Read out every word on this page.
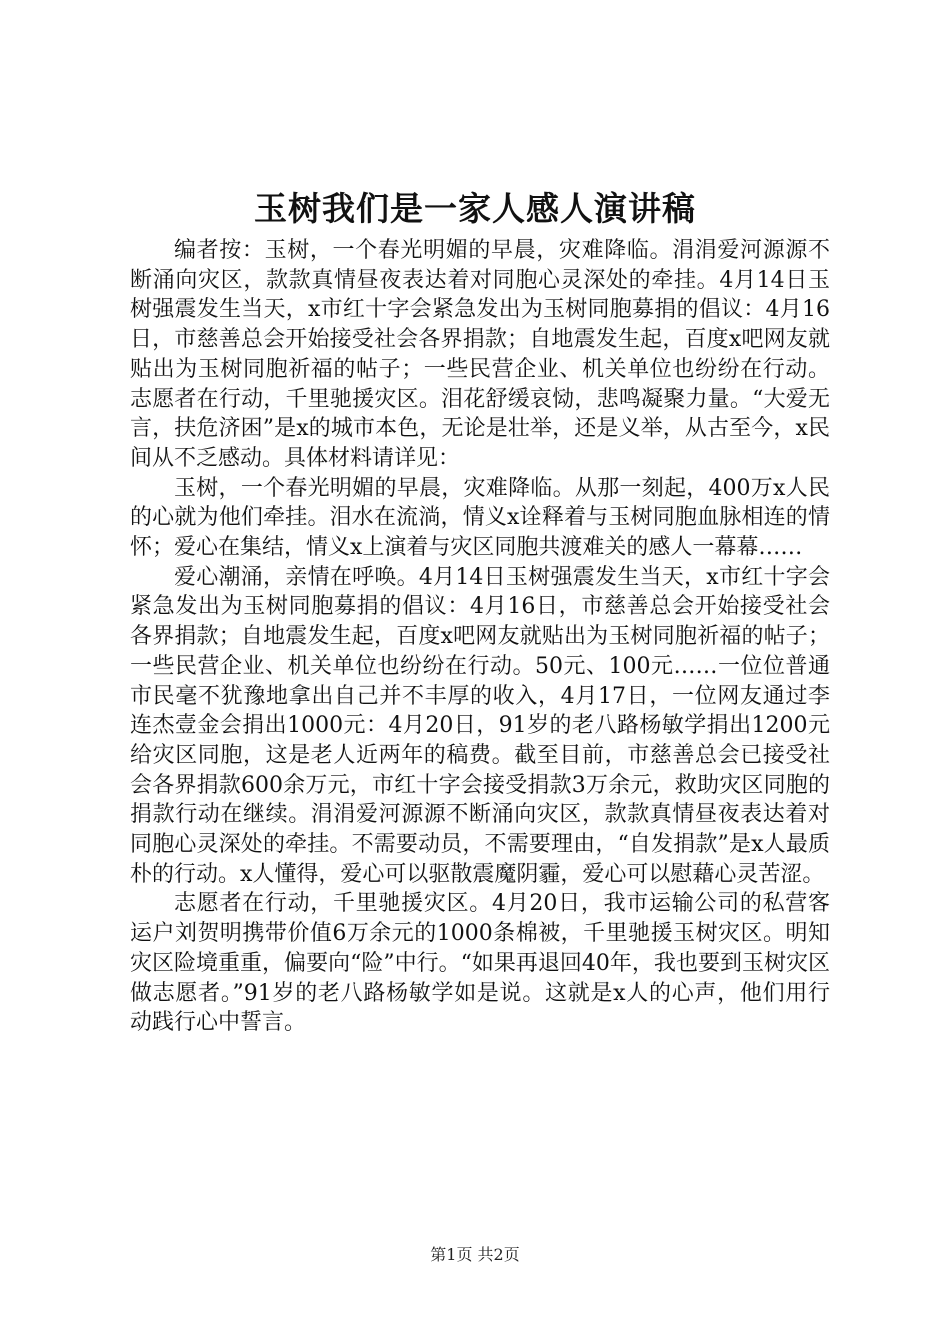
玉树我们是一家人感人演讲稿

编者按：玉树，一个春光明媚的早晨，灾难降临。涓涓爱河源源不断涌向灾区，款款真情昼夜表达着对同胞心灵深处的牵挂。4月14日玉树强震发生当天，x市红十字会紧急发出为玉树同胞募捐的倡议：4月16日，市慈善总会开始接受社会各界捐款；自地震发生起，百度x吧网友就贴出为玉树同胞祈福的帖子；一些民营企业、机关单位也纷纷在行动。志愿者在行动，千里驰援灾区。泪花舒缓哀恸，悲鸣凝聚力量。“大爱无言，扶危济困”是x的城市本色，无论是壮举，还是义举，从古至今，x民间从不乏感动。具体材料请详见：

玉树，一个春光明媚的早晨，灾难降临。从那一刻起，400万x人民的心就为他们牵挂。泪水在流淌，情义x诠释着与玉树同胞血脉相连的情怀；爱心在集结，情义x上演着与灾区同胞共渡难关的感人一幕幕……

爱心潮涌，亲情在呼唤。4月14日玉树强震发生当天，x市红十字会紧急发出为玉树同胞募捐的倡议：4月16日，市慈善总会开始接受社会各界捐款；自地震发生起，百度x吧网友就贴出为玉树同胞祈福的帖子；一些民营企业、机关单位也纷纷在行动。50元、100元……一位位普通市民毫不犹豫地拿出自己并不丰厚的收入，4月17日，一位网友通过李连杰壹金会捐出1000元：4月20日，91岁的老八路杨敏学捐出1200元给灾区同胞，这是老人近两年的稿费。截至目前，市慈善总会已接受社会各界捐款600余万元，市红十字会接受捐款3万余元，救助灾区同胞的捐款行动在继续。涓涓爱河源源不断涌向灾区，款款真情昼夜表达着对同胞心灵深处的牵挂。不需要动员，不需要理由，“自发捐款”是x人最质朴的行动。x人懂得，爱心可以驱散震魔阴霾，爱心可以慰藉心灵苦涩。

志愿者在行动，千里驰援灾区。4月20日，我市运输公司的私营客运户刘贺明携带价值6万余元的1000条棉被，千里驰援玉树灾区。明知灾区险境重重，偏要向“险”中行。“如果再退回40年，我也要到玉树灾区做志愿者。”91岁的老八路杨敏学如是说。这就是x人的心声，他们用行动践行心中誓言。

第1页 共2页
